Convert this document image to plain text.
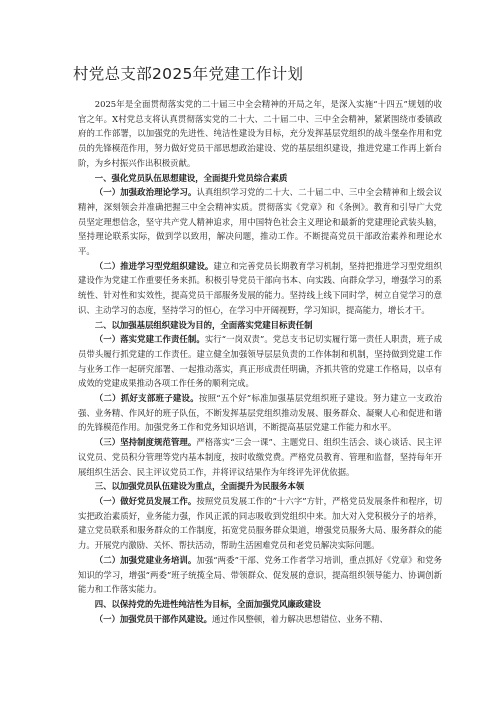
村党总支部2025年党建工作计划

2025年是全面贯彻落实党的二十届三中全会精神的开局之年，是深入实施“十四五”规划的收官之年。X村党总支将认真贯彻落实党的二十大、二十届二中、三中全会精神，紧紧围绕市委镇政府的工作部署，以加强党的先进性、纯洁性建设为目标，充分发挥基层党组织的战斗堡垒作用和党员的先锋模范作用，努力做好党员干部思想政治建设、党的基层组织建设，推进党建工作再上新台阶，为乡村振兴作出积极贡献。

一、强化党员队伍思想建设，全面提升党员综合素质

（一）加强政治理论学习。认真组织学习党的二十大、二十届二中、三中全会精神和上级会议精神，深刻领会并准确把握三中全会精神实质。贯彻落实《党章》和《条例》。教育和引导广大党员坚定理想信念，坚守共产党人精神追求，用中国特色社会主义理论和最新的党建理论武装头脑，坚持理论联系实际，做到学以致用，解决问题，推动工作。不断提高党员干部政治素养和理论水平。

（二）推进学习型党组织建设。建立和完善党员长期教育学习机制，坚持把推进学习型党组织建设作为党建工作重要任务来抓。积极引导党员干部向书本、向实践、向群众学习，增强学习的系统性、针对性和实效性，提高党员干部服务发展的能力。坚持线上线下同时学，树立自觉学习的意识、主动学习的态度，坚持学习的恒心，在学习中开阔视野，学习知识，提高能力，增长才干。

二、以加强基层组织建设为目的，全面落实党建目标责任制

（一）落实党建工作责任制。实行“一岗双责”。党总支书记切实履行第一责任人职责，班子成员带头履行抓党建的工作责任。建立健全加强领导层层负责的工作体制和机制，坚持做到党建工作与业务工作一起研究部署、一起推动落实，真正形成责任明确，齐抓共管的党建工作格局，以卓有成效的党建成果推动各项工作任务的顺利完成。

（二）抓好支部班子建设。按照“五个好”标准加强基层党组织班子建设。努力建立一支政治强、业务精、作风好的班子队伍，不断发挥基层党组织推动发展、服务群众、凝聚人心和促进和谐的先锋模范作用。加强党务工作和党务知识培训，不断提高基层党建工作能力和水平。

（三）坚持制度规范管理。严格落实“三会一课”、主题党日、组织生活会、谈心谈话、民主评议党员、党员积分管理等党内基本制度，按时收缴党费。严格党员教育、管理和监督，坚持每年开展组织生活会、民主评议党员工作，并将评议结果作为年终评先评优依据。

三、以加强党员队伍建设为重点，全面提升为民服务本领

（一）做好党员发展工作。按照党员发展工作的“十六字”方针，严格党员发展条件和程序，切实把政治素质好，业务能力强，作风正派的同志吸收到党组织中来。加大对入党积极分子的培养，建立党员联系和服务群众的工作制度，拓宽党员服务群众渠道，增强党员服务大局、服务群众的能力。开展党内激励、关怀、帮扶活动，帮助生活困难党员和老党员解决实际问题。

（二）加强党建业务培训。加强“两委”干部、党务工作者学习培训，重点抓好《党章》和党务知识的学习，增强“两委”班子统揽全局、带领群众、促发展的意识，提高组织领导能力、协调创新能力和工作落实能力。

四、以保持党的先进性纯洁性为目标，全面加强党风廉政建设

（一）加强党员干部作风建设。通过作风整顿，着力解决思想错位、业务不精、
